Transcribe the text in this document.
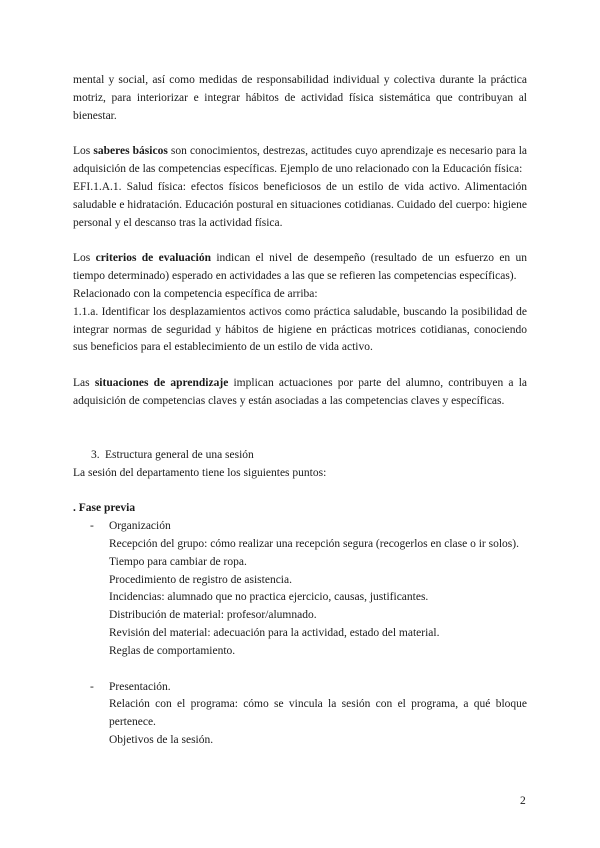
mental y social, así como medidas de responsabilidad individual y colectiva durante la práctica motriz, para interiorizar e integrar hábitos de actividad física sistemática que contribuyan al bienestar.

Los saberes básicos son conocimientos, destrezas, actitudes cuyo aprendizaje es necesario para la adquisición de las competencias específicas. Ejemplo de uno relacionado con la Educación física:

EFI.1.A.1. Salud física: efectos físicos beneficiosos de un estilo de vida activo. Alimentación saludable e hidratación. Educación postural en situaciones cotidianas. Cuidado del cuerpo: higiene personal y el descanso tras la actividad física.

Los criterios de evaluación indican el nivel de desempeño (resultado de un esfuerzo en un tiempo determinado) esperado en actividades a las que se refieren las competencias específicas).

Relacionado con la competencia específica de arriba:

1.1.a. Identificar los desplazamientos activos como práctica saludable, buscando la posibilidad de integrar normas de seguridad y hábitos de higiene en prácticas motrices cotidianas, conociendo sus beneficios para el establecimiento de un estilo de vida activo.

Las situaciones de aprendizaje implican actuaciones por parte del alumno, contribuyen a la adquisición de competencias claves y están asociadas a las competencias claves y específicas.

3. Estructura general de una sesión

La sesión del departamento tiene los siguientes puntos:

. Fase previa

- Organización

Recepción del grupo: cómo realizar una recepción segura (recogerlos en clase o ir solos).

Tiempo para cambiar de ropa.

Procedimiento de registro de asistencia.

Incidencias: alumnado que no practica ejercicio, causas, justificantes.

Distribución de material: profesor/alumnado.

Revisión del material: adecuación para la actividad, estado del material.

Reglas de comportamiento.

- Presentación.

Relación con el programa: cómo se vincula la sesión con el programa, a qué bloque pertenece.

Objetivos de la sesión.

2
